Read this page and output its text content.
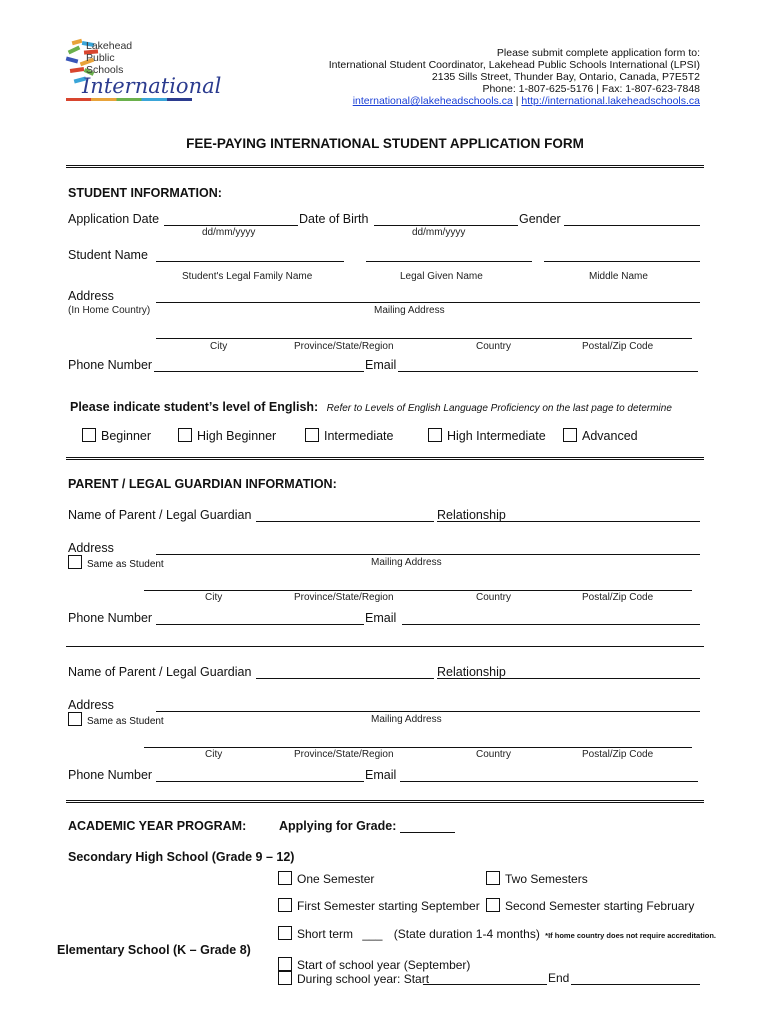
Lakehead
Public
Schools
International
Please submit complete application form to:
International Student Coordinator, Lakehead Public Schools International (LPSI)
2135 Sills Street, Thunder Bay, Ontario, Canada, P7E5T2
Phone: 1-807-625-5176 | Fax: 1-807-623-7848
international@lakeheadschools.ca | http://international.lakeheadschools.ca
FEE-PAYING INTERNATIONAL STUDENT APPLICATION FORM
STUDENT INFORMATION:
Application Date	Date of Birth	Gender
dd/mm/yyyy	dd/mm/yyyy
Student Name
Student's Legal Family Name	Legal Given Name	Middle Name
Address
(In Home Country)	Mailing Address
City	Province/State/Region	Country	Postal/Zip Code
Phone Number	Email
Please indicate student’s level of English: Refer to Levels of English Language Proficiency on the last page to determine
Beginner	High Beginner	Intermediate	High Intermediate	Advanced
PARENT / LEGAL GUARDIAN INFORMATION:
Name of Parent / Legal Guardian	Relationship
Address
Same as Student	Mailing Address
City	Province/State/Region	Country	Postal/Zip Code
Phone Number	Email
Name of Parent / Legal Guardian	Relationship
Address
Same as Student	Mailing Address
City	Province/State/Region	Country	Postal/Zip Code
Phone Number	Email
ACADEMIC YEAR PROGRAM:	Applying for Grade:
Secondary High School (Grade 9 – 12)
One Semester	Two Semesters
First Semester starting September	Second Semester starting February
Short term ___ (State duration 1-4 months) *If home country does not require accreditation.
Elementary School (K – Grade 8)
Start of school year (September)
During school year: Start	End
